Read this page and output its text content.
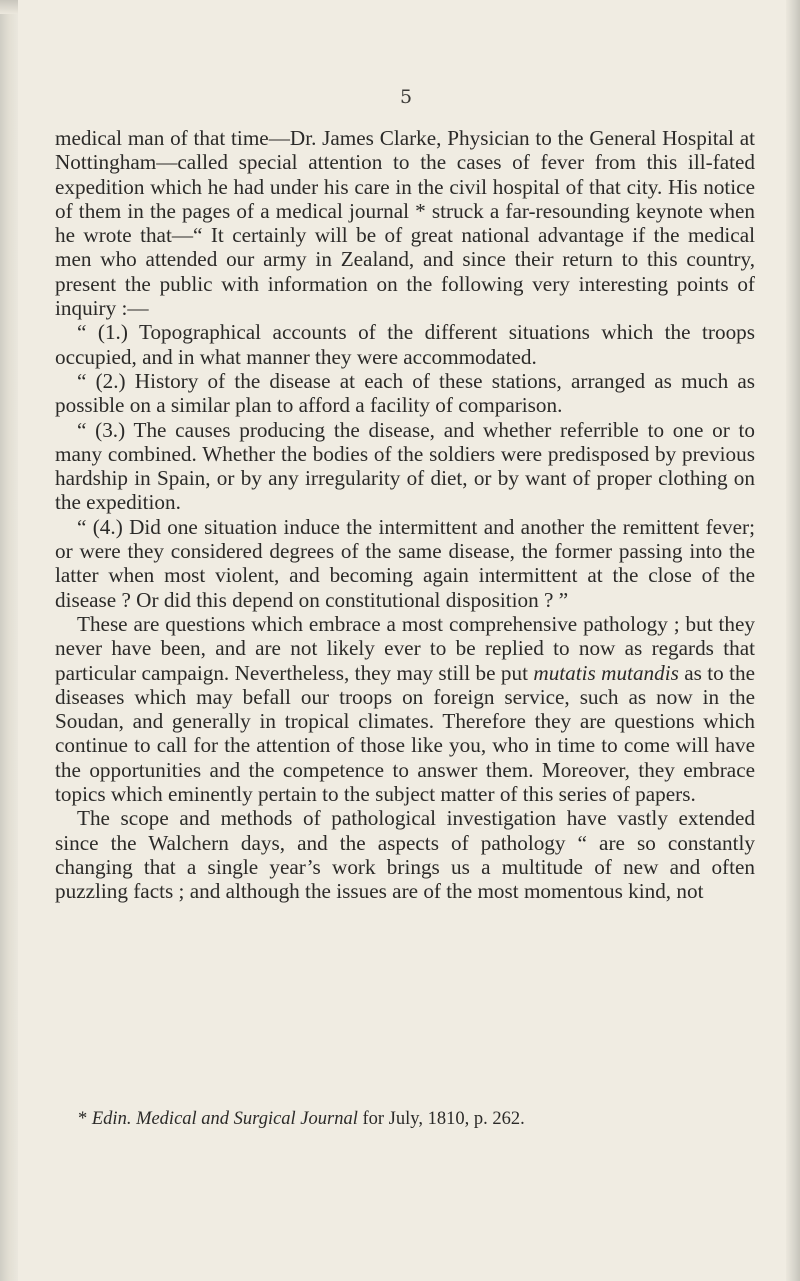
5

medical man of that time—Dr. James Clarke, Physician to the General Hospital at Nottingham—called special attention to the cases of fever from this ill-fated expedition which he had under his care in the civil hospital of that city. His notice of them in the pages of a medical journal * struck a far-resounding keynote when he wrote that—“ It certainly will be of great national advantage if the medical men who attended our army in Zealand, and since their return to this country, present the public with information on the following very interesting points of inquiry :—

“ (1.) Topographical accounts of the different situations which the troops occupied, and in what manner they were accommodated.

“ (2.) History of the disease at each of these stations, arranged as much as possible on a similar plan to afford a facility of comparison.

“ (3.) The causes producing the disease, and whether referrible to one or to many combined. Whether the bodies of the soldiers were predisposed by previous hardship in Spain, or by any irregularity of diet, or by want of proper clothing on the expedition.

“ (4.) Did one situation induce the intermittent and another the remittent fever; or were they considered degrees of the same disease, the former passing into the latter when most violent, and becoming again intermittent at the close of the disease ? Or did this depend on constitutional disposition ? ”

These are questions which embrace a most comprehensive pathology ; but they never have been, and are not likely ever to be replied to now as regards that particular campaign. Nevertheless, they may still be put mutatis mutandis as to the diseases which may befall our troops on foreign service, such as now in the Soudan, and generally in tropical climates. Therefore they are questions which continue to call for the attention of those like you, who in time to come will have the opportunities and the competence to answer them. Moreover, they embrace topics which eminently pertain to the subject matter of this series of papers.

The scope and methods of pathological investigation have vastly extended since the Walchern days, and the aspects of pathology “ are so constantly changing that a single year’s work brings us a multitude of new and often puzzling facts ; and although the issues are of the most momentous kind, not

* Edin. Medical and Surgical Journal for July, 1810, p. 262.
